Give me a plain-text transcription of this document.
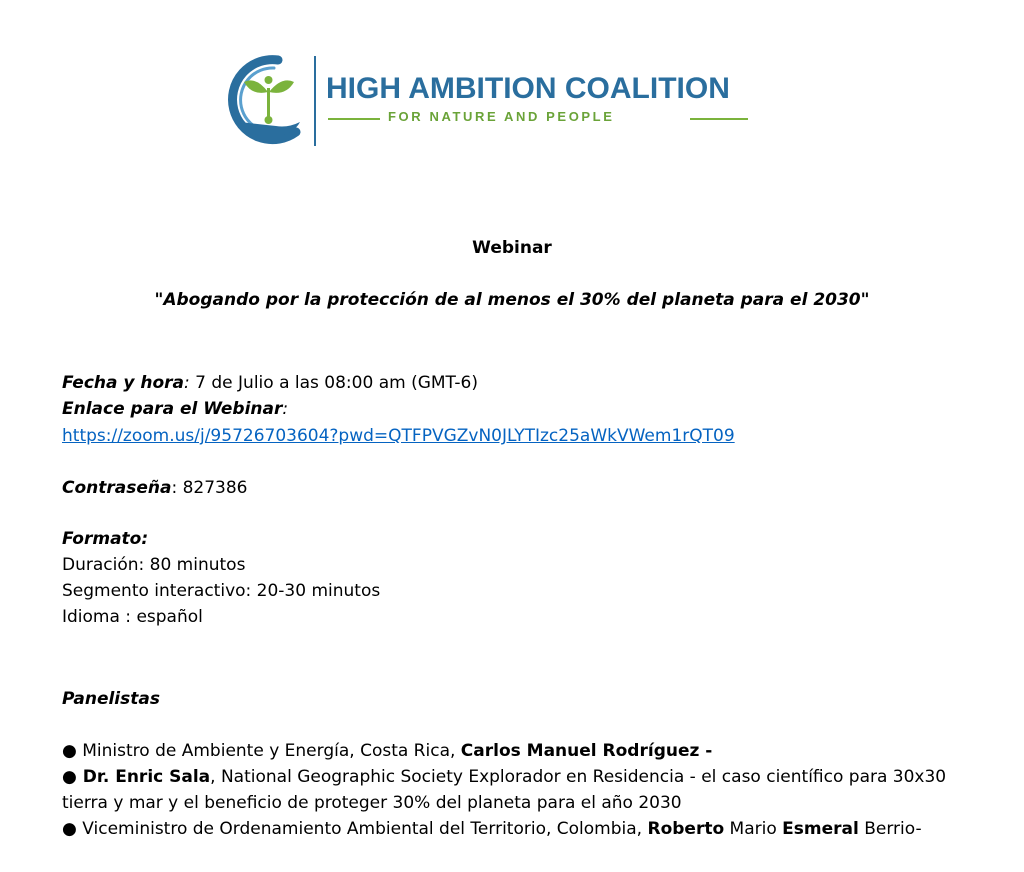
HIGH AMBITION COALITION
FOR NATURE AND PEOPLE
Webinar
"Abogando por la protección de al menos el 30% del planeta para el 2030"
Fecha y hora: 7 de Julio a las 08:00 am (GMT-6)
Enlace para el Webinar:
https://zoom.us/j/95726703604?pwd=QTFPVGZvN0JLYTIzc25aWkVWem1rQT09
Contraseña: 827386
Formato:
Duración: 80 minutos
Segmento interactivo: 20-30 minutos
Idioma : español
Panelistas
● Ministro de Ambiente y Energía, Costa Rica, Carlos Manuel Rodríguez -
● Dr. Enric Sala, National Geographic Society Explorador en Residencia - el caso científico para 30x30
tierra y mar y el beneficio de proteger 30% del planeta para el año 2030
● Viceministro de Ordenamiento Ambiental del Territorio, Colombia, Roberto Mario Esmeral Berrio-
